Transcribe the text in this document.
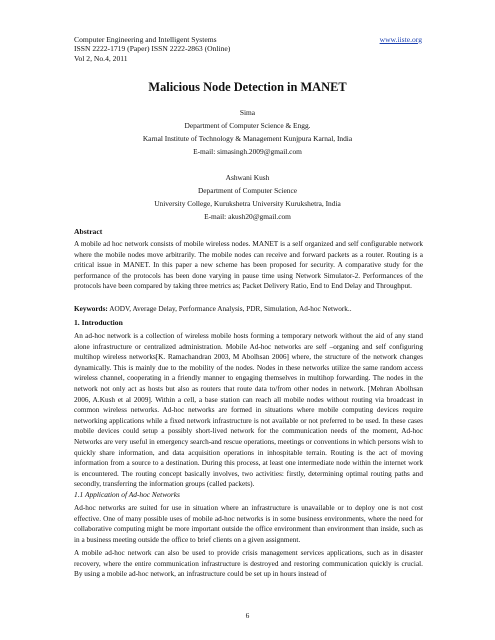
Computer Engineering and Intelligent Systems	www.iiste.org
ISSN 2222-1719 (Paper) ISSN 2222-2863 (Online)
Vol 2, No.4, 2011
Malicious Node Detection in MANET
Sima
Department of Computer Science & Engg.
Karnal Institute of Technology & Management Kunjpura Karnal, India
E-mail: simasingh.2009@gmail.com
Ashwani Kush
Department of Computer Science
University College, Kurukshetra University Kurukshetra, India
E-mail: akush20@gmail.com
Abstract
A mobile ad hoc network consists of mobile wireless nodes. MANET is a self organized and self configurable network where the mobile nodes move arbitrarily. The mobile nodes can receive and forward packets as a router. Routing is a critical issue in MANET. In this paper a new scheme has been proposed for security. A comparative study for the performance of the protocols has been done varying in pause time using Network Simulator-2. Performances of the protocols have been compared by taking three metrics as; Packet Delivery Ratio, End to End Delay and Throughput.
Keywords: AODV, Average Delay, Performance Analysis, PDR, Simulation, Ad-hoc Network..
1. Introduction
An ad-hoc network is a collection of wireless mobile hosts forming a temporary network without the aid of any stand alone infrastructure or centralized administration. Mobile Ad-hoc networks are self –organing and self configuring multihop wireless networks[K. Ramachandran 2003, M Abolhsan 2006] where, the structure of the network changes dynamically. This is mainly due to the mobility of the nodes. Nodes in these networks utilize the same random access wireless channel, cooperating in a friendly manner to engaging themselves in multihop forwarding. The nodes in the network not only act as hosts but also as routers that route data to/from other nodes in network. [Mehran Abolhsan 2006, A.Kush et al 2009]. Within a cell, a base station can reach all mobile nodes without routing via broadcast in common wireless networks. Ad-hoc networks are formed in situations where mobile computing devices require networking applications while a fixed network infrastructure is not available or not preferred to be used. In these cases mobile devices could setup a possibly short-lived network for the communication needs of the moment, Ad-hoc Networks are very useful in emergency search-and rescue operations, meetings or conventions in which persons wish to quickly share information, and data acquisition operations in inhospitable terrain. Routing is the act of moving information from a source to a destination. During this process, at least one intermediate node within the internet work is encountered. The routing concept basically involves, two activities: firstly, determining optimal routing paths and secondly, transferring the information groups (called packets).
1.1 Application of Ad-hoc Networks
Ad-hoc networks are suited for use in situation where an infrastructure is unavailable or to deploy one is not cost effective. One of many possible uses of mobile ad-hoc networks is in some business environments, where the need for collaborative computing might be more important outside the office environment than environment than inside, such as in a business meeting outside the office to brief clients on a given assignment.
A mobile ad-hoc network can also be used to provide crisis management services applications, such as in disaster recovery, where the entire communication infrastructure is destroyed and restoring communication quickly is crucial. By using a mobile ad-hoc network, an infrastructure could be set up in hours instead of
6
